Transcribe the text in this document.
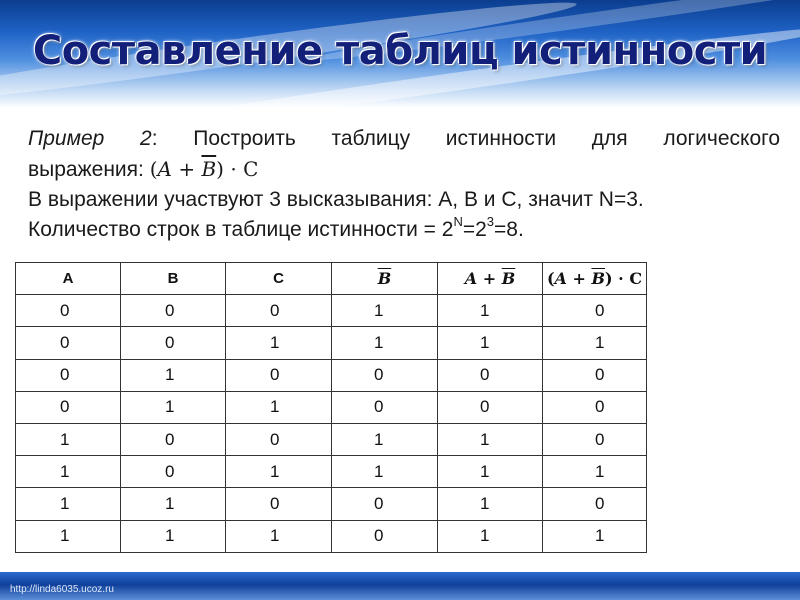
Составление таблиц истинности
Пример 2: Построить таблицу истинности для логического
выражения: $(A + \overline{B}) \cdot C$
В выражении участвуют 3 высказывания: А, В и С, значит N=3.
Количество строк в таблице истинности = $2^N=2^3=8$.
A	B	C	$\overline{B}$	$A + \overline{B}$	$(A + \overline{B}) \cdot C$
0	0	0	1	1	0
0	0	1	1	1	1
0	1	0	0	0	0
0	1	1	0	0	0
1	0	0	1	1	0
1	0	1	1	1	1
1	1	0	0	1	0
1	1	1	0	1	1
http://linda6035.ucoz.ru
